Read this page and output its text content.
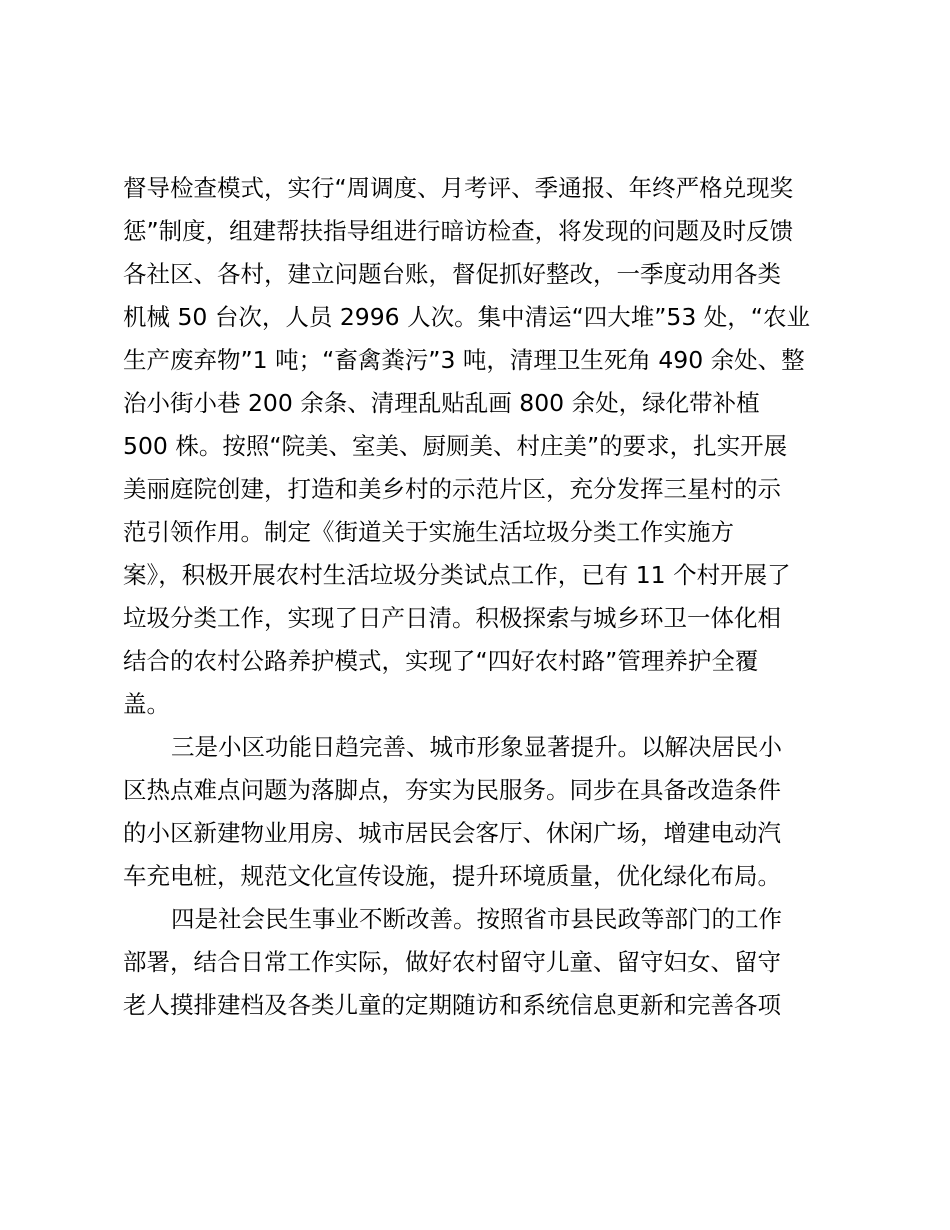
督导检查模式，实行“周调度、月考评、季通报、年终严格兑现奖
惩”制度，组建帮扶指导组进行暗访检查，将发现的问题及时反馈
各社区、各村，建立问题台账，督促抓好整改，一季度动用各类
机械 50 台次，人员 2996 人次。集中清运“四大堆”53 处，“农业
生产废弃物”1 吨；“畜禽粪污”3 吨，清理卫生死角 490 余处、整
治小街小巷 200 余条、清理乱贴乱画 800 余处，绿化带补植
500 株。按照“院美、室美、厨厕美、村庄美”的要求，扎实开展
美丽庭院创建，打造和美乡村的示范片区，充分发挥三星村的示
范引领作用。制定《街道关于实施生活垃圾分类工作实施方
案》，积极开展农村生活垃圾分类试点工作，已有 11 个村开展了
垃圾分类工作，实现了日产日清。积极探索与城乡环卫一体化相
结合的农村公路养护模式，实现了“四好农村路”管理养护全覆
盖。
三是小区功能日趋完善、城市形象显著提升。以解决居民小
区热点难点问题为落脚点，夯实为民服务。同步在具备改造条件
的小区新建物业用房、城市居民会客厅、休闲广场，增建电动汽
车充电桩，规范文化宣传设施，提升环境质量，优化绿化布局。
四是社会民生事业不断改善。按照省市县民政等部门的工作
部署，结合日常工作实际，做好农村留守儿童、留守妇女、留守
老人摸排建档及各类儿童的定期随访和系统信息更新和完善各项
